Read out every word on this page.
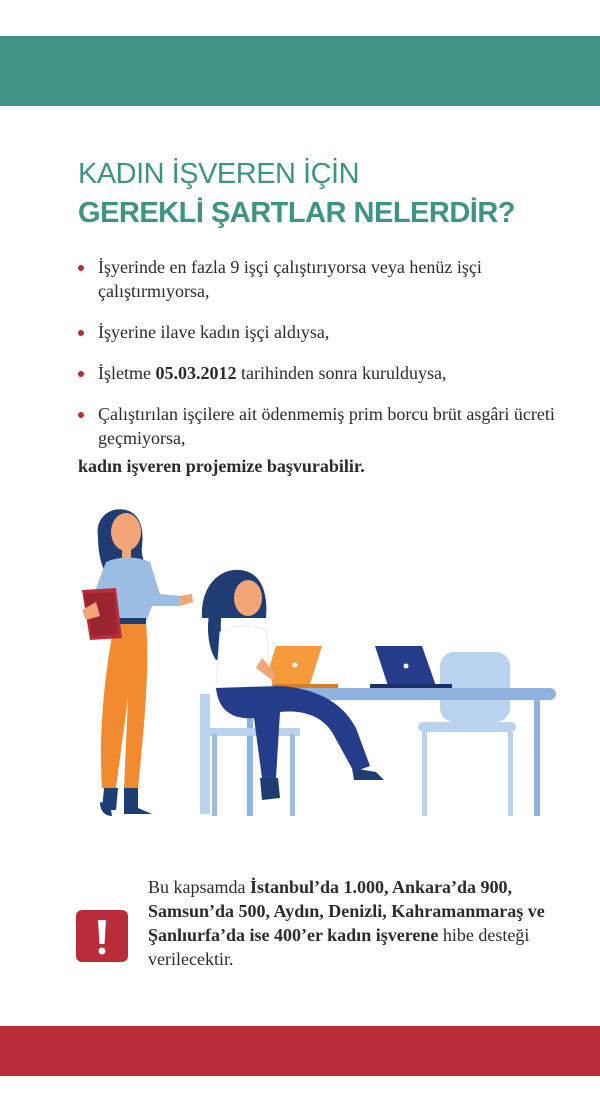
KADIN İŞVEREN İÇİN
GEREKLİ ŞARTLAR NELERDİR?
İşyerinde en fazla 9 işçi çalıştırıyorsa veya henüz işçi çalıştırmıyorsa,
İşyerine ilave kadın işçi aldıysa,
İşletme 05.03.2012 tarihinden sonra kurulduysa,
Çalıştırılan işçilere ait ödenmemiş prim borcu brüt asgâri ücreti geçmiyorsa,
kadın işveren projemize başvurabilir.
Bu kapsamda İstanbul’da 1.000, Ankara’da 900, Samsun’da 500, Aydın, Denizli, Kahramanmaraş ve Şanlıurfa’da ise 400’er kadın işverene hibe desteği verilecektir.
